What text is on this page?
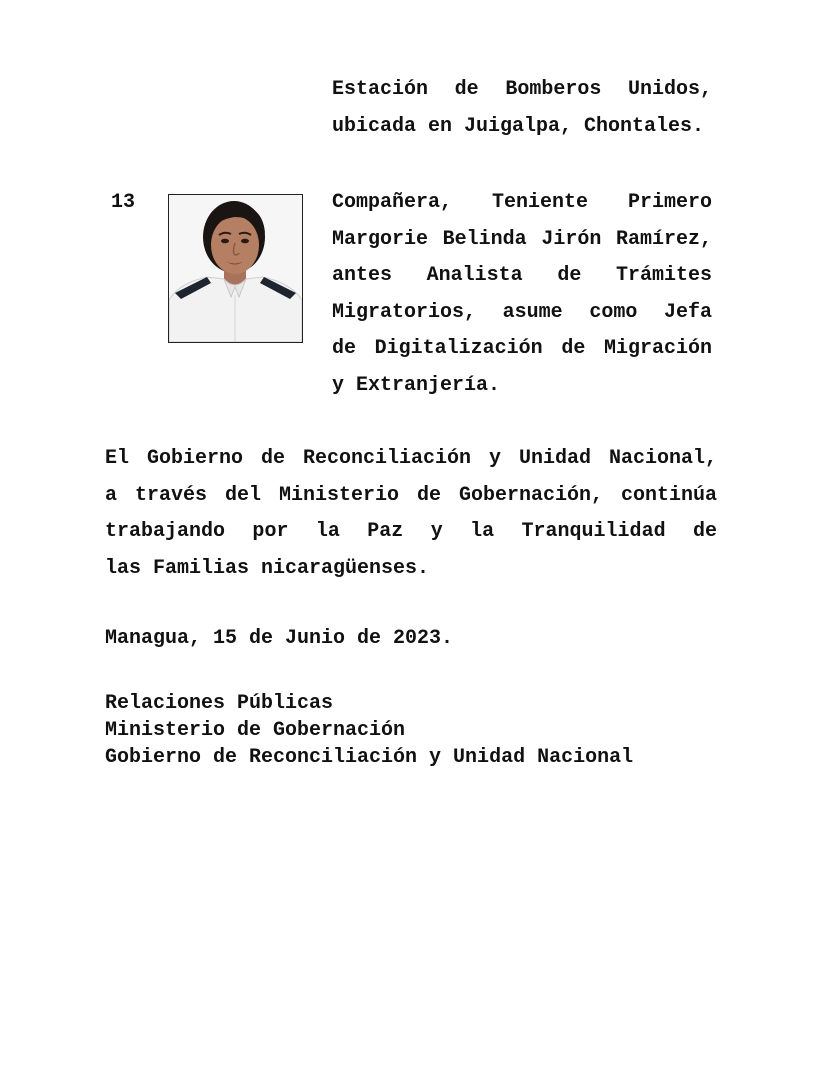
Estación de Bomberos Unidos,
ubicada en Juigalpa, Chontales.

13	Compañera, Teniente Primero
Margorie Belinda Jirón Ramírez,
antes Analista de Trámites
Migratorios, asume como Jefa
de Digitalización de Migración
y Extranjería.
El Gobierno de Reconciliación y Unidad Nacional,
a través del Ministerio de Gobernación, continúa
trabajando por la Paz y la Tranquilidad de
las Familias nicaragüenses.

Managua, 15 de Junio de 2023.

Relaciones Públicas
Ministerio de Gobernación
Gobierno de Reconciliación y Unidad Nacional
